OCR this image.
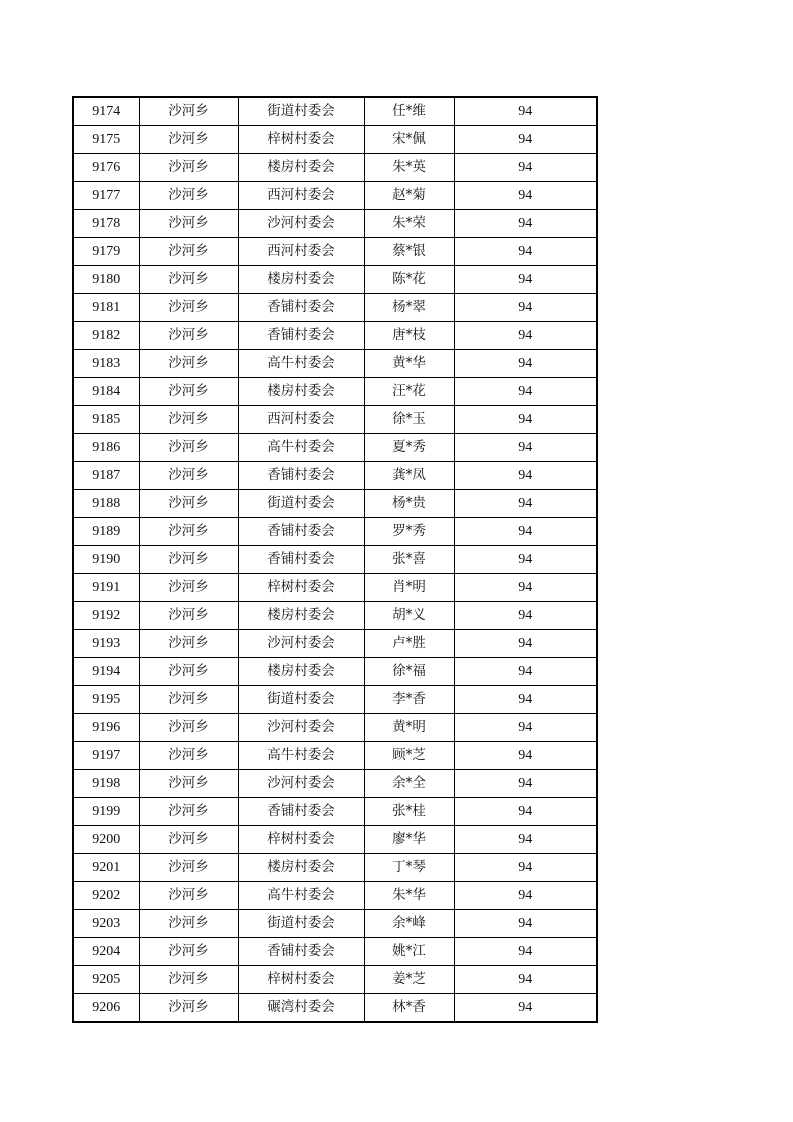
9174	沙河乡	街道村委会	任*维	94
9175	沙河乡	梓树村委会	宋*佩	94
9176	沙河乡	楼房村委会	朱*英	94
9177	沙河乡	西河村委会	赵*菊	94
9178	沙河乡	沙河村委会	朱*荣	94
9179	沙河乡	西河村委会	蔡*银	94
9180	沙河乡	楼房村委会	陈*花	94
9181	沙河乡	香铺村委会	杨*翠	94
9182	沙河乡	香铺村委会	唐*枝	94
9183	沙河乡	高牛村委会	黄*华	94
9184	沙河乡	楼房村委会	汪*花	94
9185	沙河乡	西河村委会	徐*玉	94
9186	沙河乡	高牛村委会	夏*秀	94
9187	沙河乡	香铺村委会	龚*凤	94
9188	沙河乡	街道村委会	杨*贵	94
9189	沙河乡	香铺村委会	罗*秀	94
9190	沙河乡	香铺村委会	张*喜	94
9191	沙河乡	梓树村委会	肖*明	94
9192	沙河乡	楼房村委会	胡*义	94
9193	沙河乡	沙河村委会	卢*胜	94
9194	沙河乡	楼房村委会	徐*福	94
9195	沙河乡	街道村委会	李*香	94
9196	沙河乡	沙河村委会	黄*明	94
9197	沙河乡	高牛村委会	顾*芝	94
9198	沙河乡	沙河村委会	余*全	94
9199	沙河乡	香铺村委会	张*桂	94
9200	沙河乡	梓树村委会	廖*华	94
9201	沙河乡	楼房村委会	丁*琴	94
9202	沙河乡	高牛村委会	朱*华	94
9203	沙河乡	街道村委会	余*峰	94
9204	沙河乡	香铺村委会	姚*江	94
9205	沙河乡	梓树村委会	姜*芝	94
9206	沙河乡	碾湾村委会	林*香	94
